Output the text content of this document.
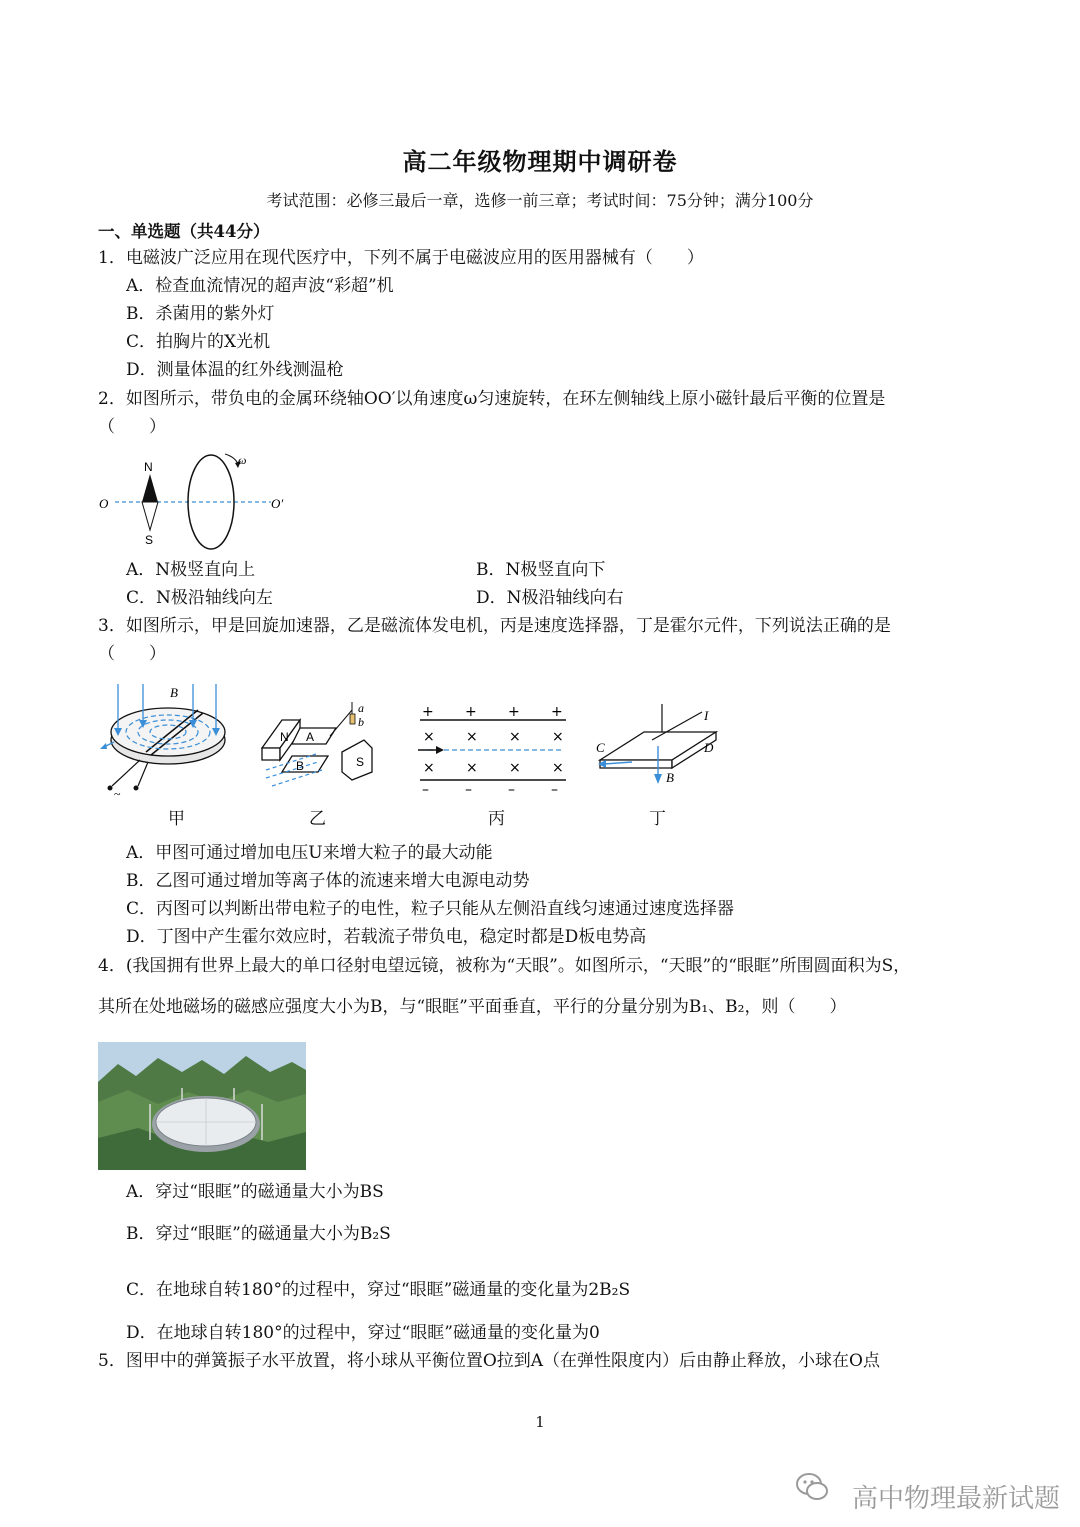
高二年级物理期中调研卷
考试范围：必修三最后一章，选修一前三章；考试时间：75分钟；满分100分
一、单选题（共44分）
1．电磁波广泛应用在现代医疗中，下列不属于电磁波应用的医用器械有（　　）
A．检查血流情况的超声波“彩超”机
B．杀菌用的紫外灯
C．拍胸片的X光机
D．测量体温的红外线测温枪
2．如图所示，带负电的金属环绕轴OO′以角速度ω匀速旋转，在环左侧轴线上原小磁针最后平衡的位置是
（　　）
N
S
O	O′
ω
A．N极竖直向上	B．N极竖直向下
C．N极沿轴线向左	D．N极沿轴线向右
3．如图所示，甲是回旋加速器，乙是磁流体发电机，丙是速度选择器，丁是霍尔元件，下列说法正确的是
（　　）
B
~
N A
B	S
a
b
+ + + +
× × × ×
× × × ×
–	–	–	–
I
C	D
B
甲	乙	丙	丁
A．甲图可通过增加电压U来增大粒子的最大动能
B．乙图可通过增加等离子体的流速来增大电源电动势
C．丙图可以判断出带电粒子的电性，粒子只能从左侧沿直线匀速通过速度选择器
D．丁图中产生霍尔效应时，若载流子带负电，稳定时都是D板电势高
4．(我国拥有世界上最大的单口径射电望远镜，被称为“天眼”。如图所示，“天眼”的“眼眶”所围圆面积为S，
其所在处地磁场的磁感应强度大小为B，与“眼眶”平面垂直，平行的分量分别为B₁、B₂，则（　　）
A．穿过“眼眶”的磁通量大小为BS
B．穿过“眼眶”的磁通量大小为B₂S
C．在地球自转180°的过程中，穿过“眼眶”磁通量的变化量为2B₂S
D．在地球自转180°的过程中，穿过“眼眶”磁通量的变化量为0
5．图甲中的弹簧振子水平放置，将小球从平衡位置O拉到A（在弹性限度内）后由静止释放，小球在O点
1
高中物理最新试题
